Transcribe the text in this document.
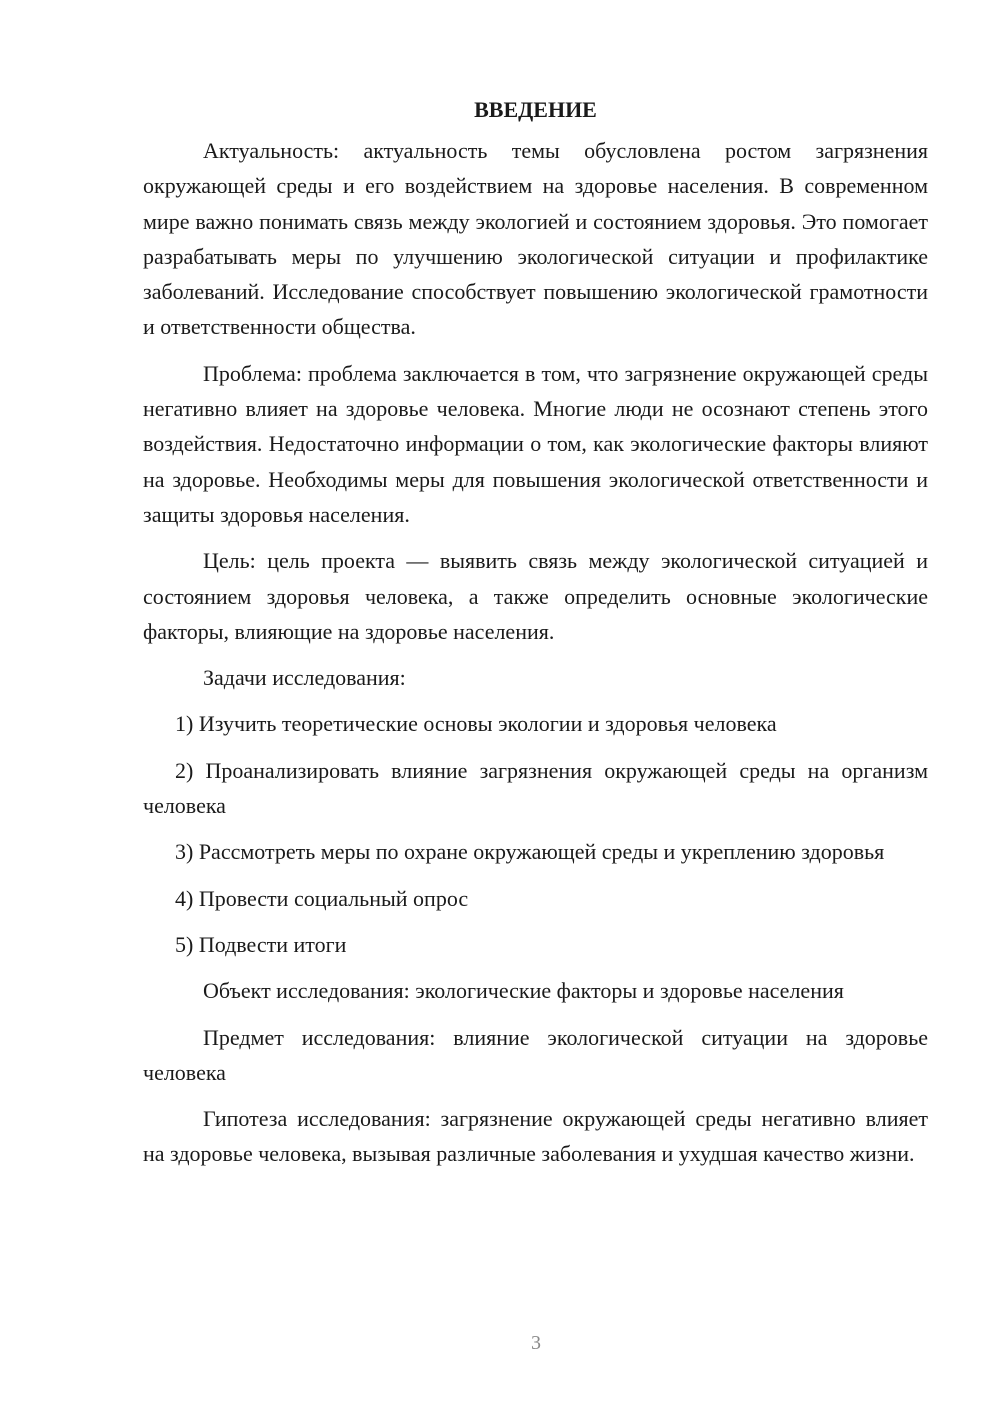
ВВЕДЕНИЕ

Актуальность: актуальность темы обусловлена ростом загрязнения окружающей среды и его воздействием на здоровье населения. В современном мире важно понимать связь между экологией и состоянием здоровья. Это помогает разрабатывать меры по улучшению экологической ситуации и профилактике заболеваний. Исследование способствует повышению экологической грамотности и ответственности общества.

Проблема: проблема заключается в том, что загрязнение окружающей среды негативно влияет на здоровье человека. Многие люди не осознают степень этого воздействия. Недостаточно информации о том, как экологические факторы влияют на здоровье. Необходимы меры для повышения экологической ответственности и защиты здоровья населения.

Цель: цель проекта — выявить связь между экологической ситуацией и состоянием здоровья человека, а также определить основные экологические факторы, влияющие на здоровье населения.

Задачи исследования:

1) Изучить теоретические основы экологии и здоровья человека

2) Проанализировать влияние загрязнения окружающей среды на организм человека

3) Рассмотреть меры по охране окружающей среды и укреплению здоровья

4) Провести социальный опрос

5) Подвести итоги

Объект исследования: экологические факторы и здоровье населения

Предмет исследования: влияние экологической ситуации на здоровье человека

Гипотеза исследования: загрязнение окружающей среды негативно влияет на здоровье человека, вызывая различные заболевания и ухудшая качество жизни.

3
